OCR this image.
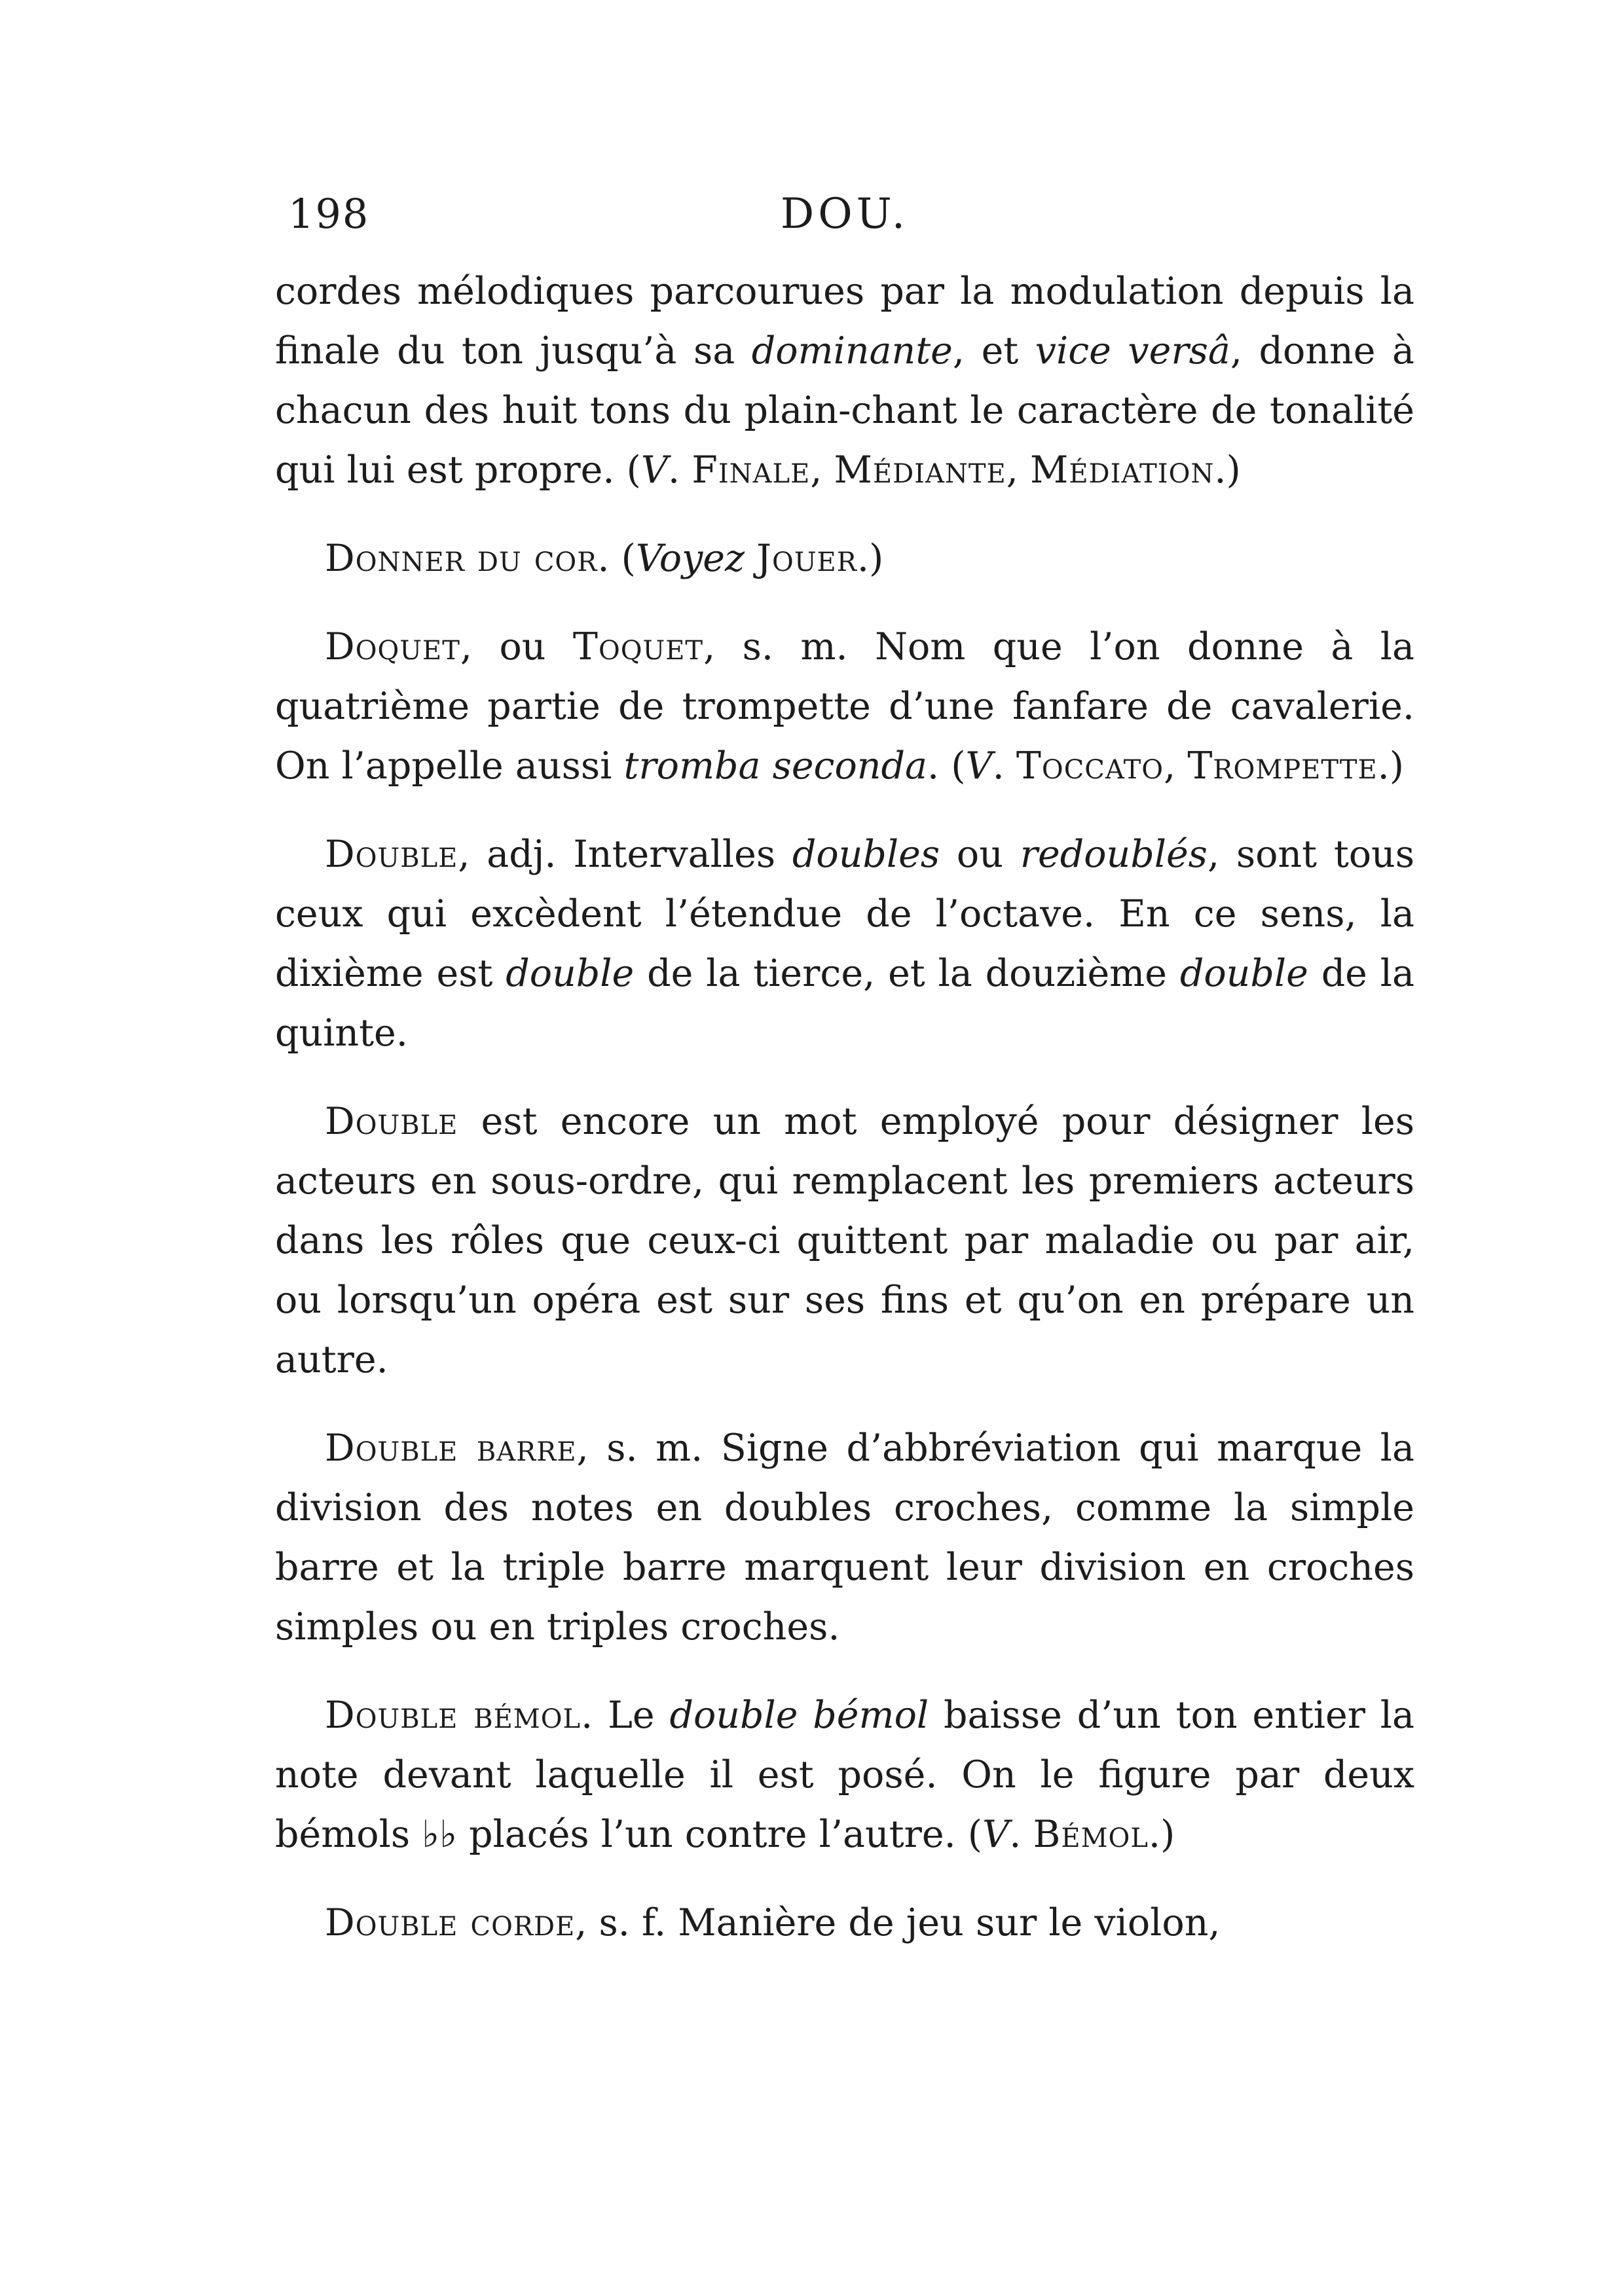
198	DOU.

cordes mélodiques parcourues par la modulation depuis la finale du ton jusqu’à sa dominante, et vice versâ, donne à chacun des huit tons du plain-chant le caractère de tonalité qui lui est propre. (V. Finale, Médiante, Médiation.)

Donner du cor. (Voyez Jouer.)

Doquet, ou Toquet, s. m. Nom que l’on donne à la quatrième partie de trompette d’une fanfare de cavalerie. On l’appelle aussi tromba seconda. (V. Toccato, Trompette.)

Double, adj. Intervalles doubles ou redoublés, sont tous ceux qui excèdent l’étendue de l’octave. En ce sens, la dixième est double de la tierce, et la douzième double de la quinte.

Double est encore un mot employé pour désigner les acteurs en sous-ordre, qui remplacent les premiers acteurs dans les rôles que ceux-ci quittent par maladie ou par air, ou lorsqu’un opéra est sur ses fins et qu’on en prépare un autre.

Double barre, s. m. Signe d’abbréviation qui marque la division des notes en doubles croches, comme la simple barre et la triple barre marquent leur division en croches simples ou en triples croches.

Double bémol. Le double bémol baisse d’un ton entier la note devant laquelle il est posé. On le figure par deux bémols ♭♭ placés l’un contre l’autre. (V. Bémol.)

Double corde, s. f. Manière de jeu sur le violon,
